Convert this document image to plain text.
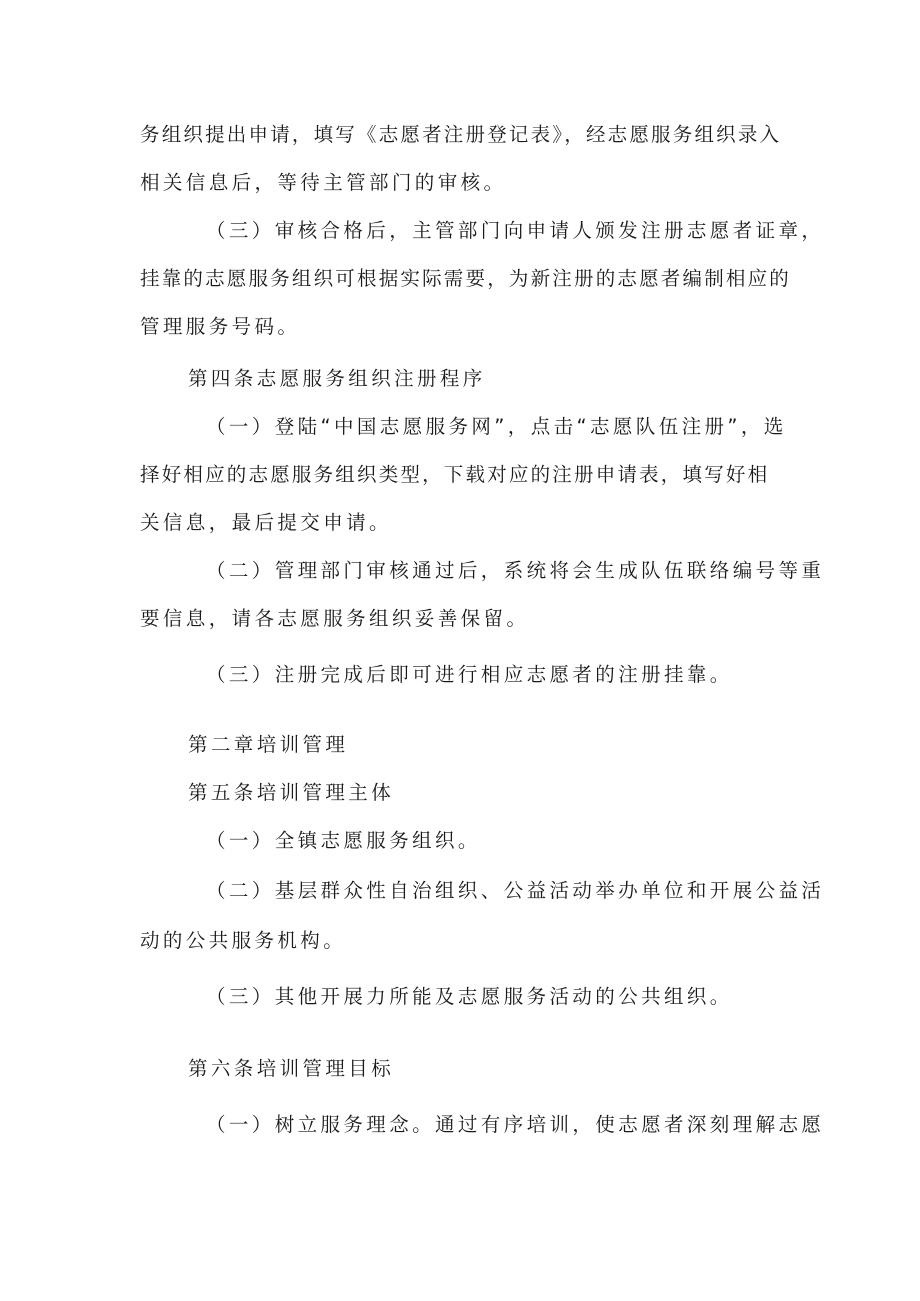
务组织提出申请，填写《志愿者注册登记表》，经志愿服务组织录入
相关信息后，等待主管部门的审核。
（三）审核合格后，主管部门向申请人颁发注册志愿者证章，
挂靠的志愿服务组织可根据实际需要，为新注册的志愿者编制相应的
管理服务号码。
第四条志愿服务组织注册程序
（一）登陆“中国志愿服务网”，点击“志愿队伍注册”，选
择好相应的志愿服务组织类型，下载对应的注册申请表，填写好相
关信息，最后提交申请。
（二）管理部门审核通过后，系统将会生成队伍联络编号等重
要信息，请各志愿服务组织妥善保留。
（三）注册完成后即可进行相应志愿者的注册挂靠。
第二章培训管理
第五条培训管理主体
（一）全镇志愿服务组织。
（二）基层群众性自治组织、公益活动举办单位和开展公益活
动的公共服务机构。
（三）其他开展力所能及志愿服务活动的公共组织。
第六条培训管理目标
（一）树立服务理念。通过有序培训，使志愿者深刻理解志愿
